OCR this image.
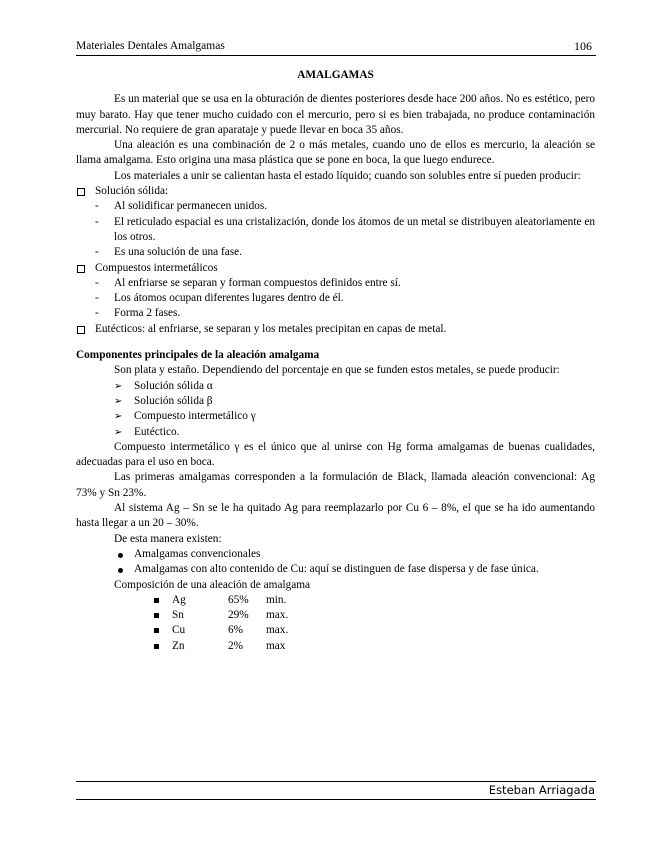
Materiales Dentales Amalgamas	106
AMALGAMAS

Es un material que se usa en la obturación de dientes posteriores desde hace 200 años. No es estético, pero muy barato. Hay que tener mucho cuidado con el mercurio, pero si es bien trabajada, no produce contaminación mercurial. No requiere de gran aparataje y puede llevar en boca 35 años.

Una aleación es una combinación de 2 o más metales, cuando uno de ellos es mercurio, la aleación se llama amalgama. Esto origina una masa plástica que se pone en boca, la que luego endurece.

Los materiales a unir se calientan hasta el estado líquido; cuando son solubles entre sí pueden producir:

Solución sólida:
- Al solidificar permanecen unidos.
- El reticulado espacial es una cristalización, donde los átomos de un metal se distribuyen aleatoriamente en los otros.
- Es una solución de una fase.
Compuestos intermetálicos
- Al enfriarse se separan y forman compuestos definidos entre sí.
- Los átomos ocupan diferentes lugares dentro de él.
- Forma 2 fases.
Eutécticos: al enfriarse, se separan y los metales precipitan en capas de metal.
Componentes principales de la aleación amalgama

Son plata y estaño. Dependiendo del porcentaje en que se funden estos metales, se puede producir:

➢ Solución sólida α
➢ Solución sólida β
➢ Compuesto intermetálico γ
➢ Eutéctico.

Compuesto intermetálico γ es el único que al unirse con Hg forma amalgamas de buenas cualidades, adecuadas para el uso en boca.

Las primeras amalgamas corresponden a la formulación de Black, llamada aleación convencional: Ag 73% y Sn 23%.

Al sistema Ag – Sn se le ha quitado Ag para reemplazarlo por Cu 6 – 8%, el que se ha ido aumentando hasta llegar a un 20 – 30%.

De esta manera existen:

Amalgamas convencionales
Amalgamas con alto contenido de Cu: aquí se distinguen de fase dispersa y de fase única.

Composición de una aleación de amalgama

Ag	65% min.
Sn	29% max.
Cu	6% max.
Zn	2% max
Esteban Arriagada
